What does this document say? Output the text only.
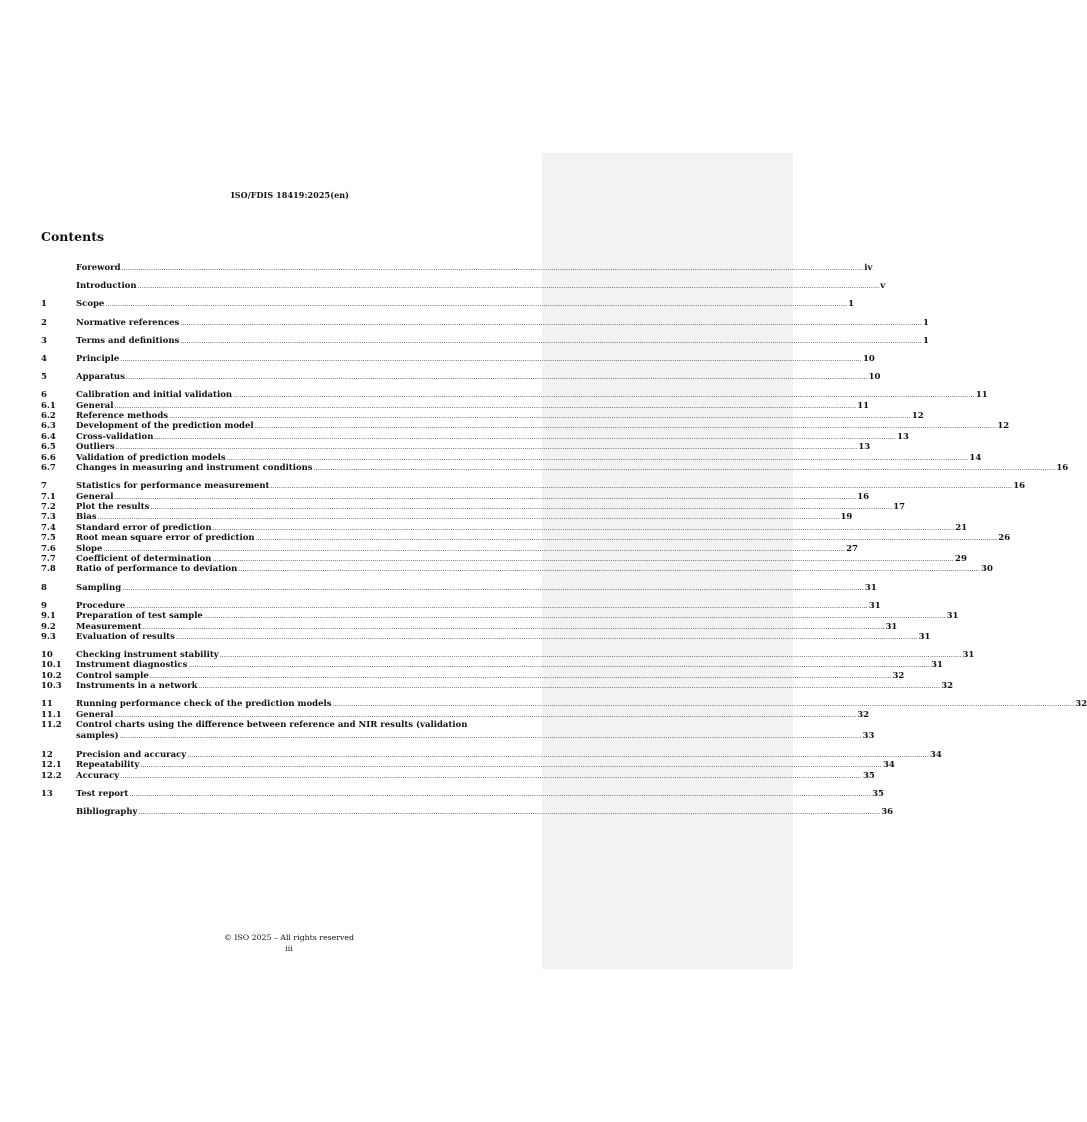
ISO/FDIS 18419:2025(en)
Contents
Foreword .....	iv
Introduction .....	v
1	Scope .....	1
2	Normative references .....	1
3	Terms and definitions .....	1
4	Principle .....	10
5	Apparatus .....	10
6	Calibration and initial validation .....	11
6.1	General .....	11
6.2	Reference methods .....	12
6.3	Development of the prediction model .....	12
6.4	Cross-validation .....	13
6.5	Outliers .....	13
6.6	Validation of prediction models .....	14
6.7	Changes in measuring and instrument conditions .....	16
7	Statistics for performance measurement .....	16
7.1	General .....	16
7.2	Plot the results .....	17
7.3	Bias .....	19
7.4	Standard error of prediction .....	21
7.5	Root mean square error of prediction .....	26
7.6	Slope .....	27
7.7	Coefficient of determination .....	29
7.8	Ratio of performance to deviation .....	30
8	Sampling .....	31
9	Procedure .....	31
9.1	Preparation of test sample .....	31
9.2	Measurement .....	31
9.3	Evaluation of results .....	31
10	Checking instrument stability .....	31
10.1	Instrument diagnostics .....	31
10.2	Control sample .....	32
10.3	Instruments in a network .....	32
11	Running performance check of the prediction models .....	32
11.1	General .....	32
11.2	Control charts using the difference between reference and NIR results (validation
samples) .....	33
12	Precision and accuracy .....	34
12.1	Repeatability .....	34
12.2	Accuracy .....	35
13	Test report .....	35
Bibliography .....	36
© ISO 2025 – All rights reserved
iii
